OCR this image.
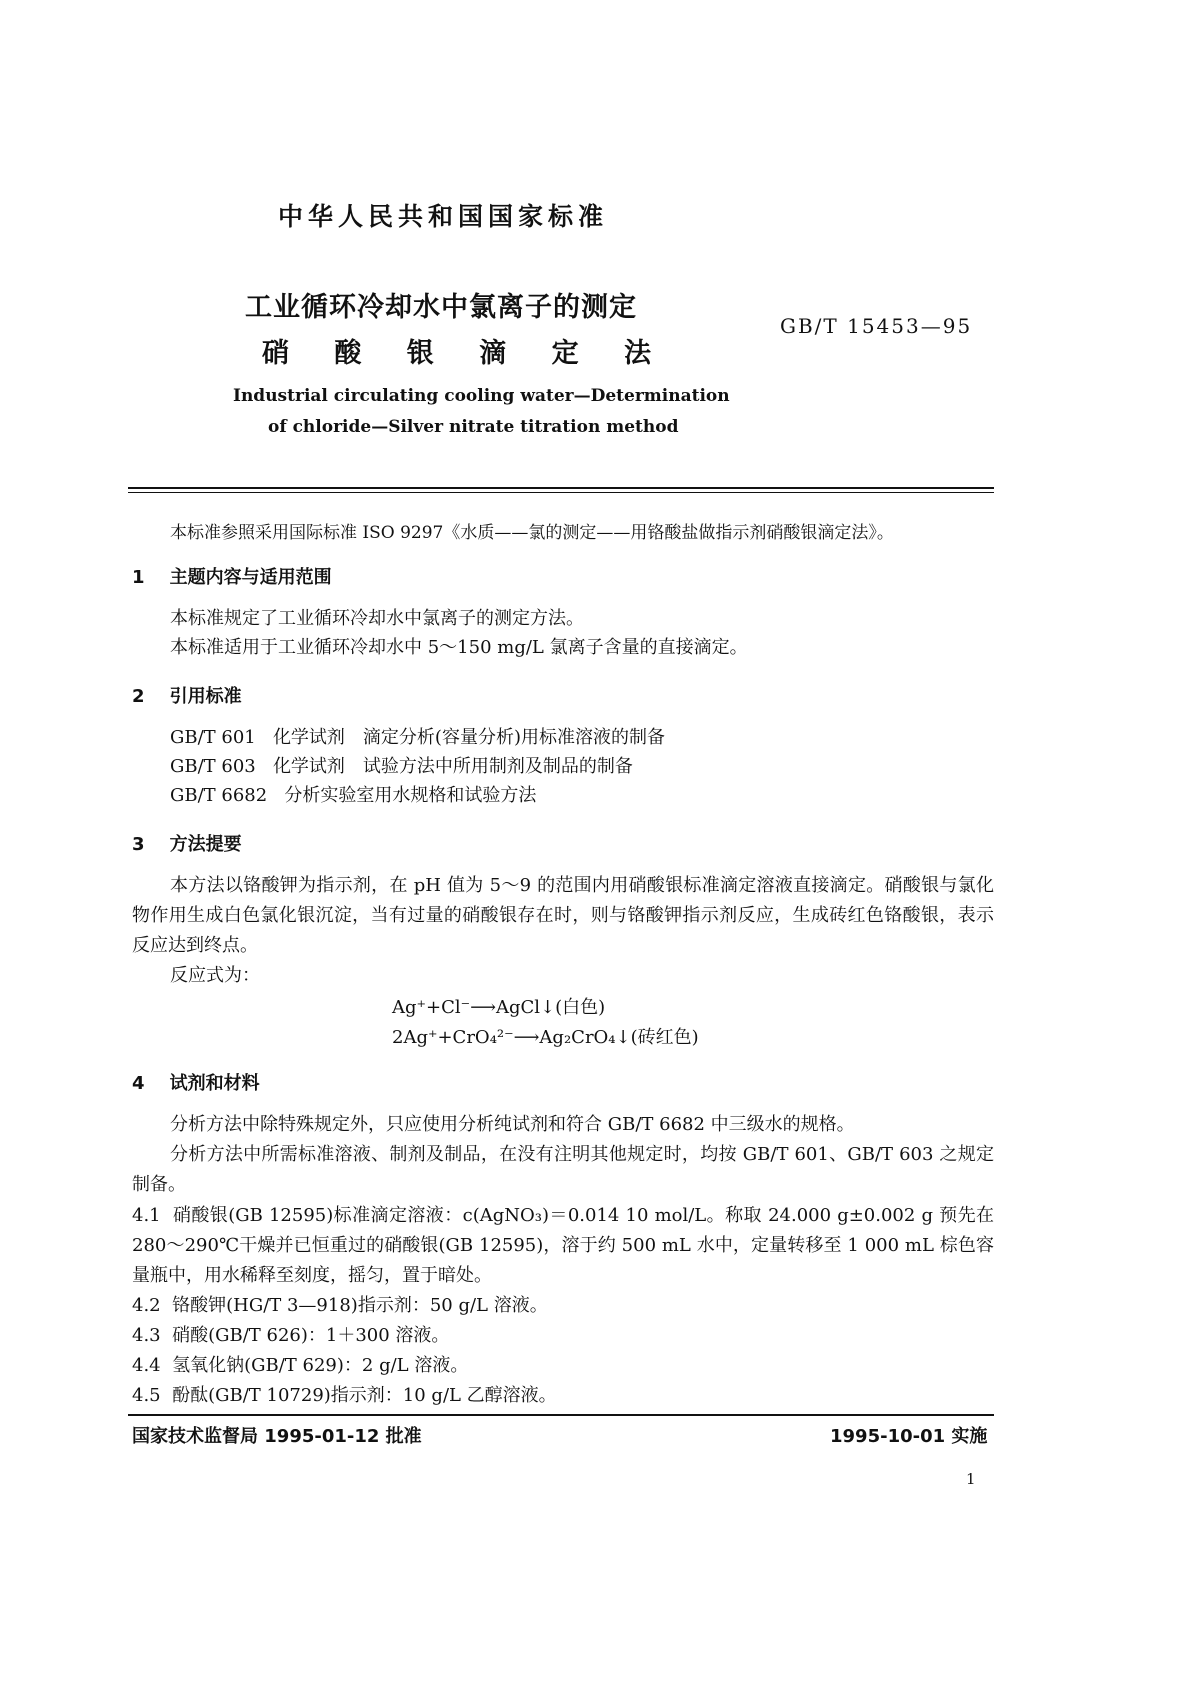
中华人民共和国国家标准
工业循环冷却水中氯离子的测定
硝 酸 银 滴 定 法
GB/T 15453—95
Industrial circulating cooling water—Determination
of chloride—Silver nitrate titration method
本标准参照采用国际标准 ISO 9297《水质——氯的测定——用铬酸盐做指示剂硝酸银滴定法》。
1 主题内容与适用范围
本标准规定了工业循环冷却水中氯离子的测定方法。
本标准适用于工业循环冷却水中 5～150 mg/L 氯离子含量的直接滴定。
2 引用标准
GB/T 601 化学试剂　滴定分析(容量分析)用标准溶液的制备
GB/T 603 化学试剂　试验方法中所用制剂及制品的制备
GB/T 6682 分析实验室用水规格和试验方法
3 方法提要
本方法以铬酸钾为指示剂，在 pH 值为 5～9 的范围内用硝酸银标准滴定溶液直接滴定。硝酸银与氯化物作用生成白色氯化银沉淀，当有过量的硝酸银存在时，则与铬酸钾指示剂反应，生成砖红色铬酸银，表示反应达到终点。
反应式为：
Ag⁺+Cl⁻⟶AgCl↓(白色)
2Ag⁺+CrO₄²⁻⟶Ag₂CrO₄↓(砖红色)
4 试剂和材料
分析方法中除特殊规定外，只应使用分析纯试剂和符合 GB/T 6682 中三级水的规格。
分析方法中所需标准溶液、制剂及制品，在没有注明其他规定时，均按 GB/T 601、GB/T 603 之规定制备。
4.1 硝酸银(GB 12595)标准滴定溶液：c(AgNO₃)＝0.014 10 mol/L。称取 24.000 g±0.002 g 预先在 280～290℃干燥并已恒重过的硝酸银(GB 12595)，溶于约 500 mL 水中，定量转移至 1 000 mL 棕色容量瓶中，用水稀释至刻度，摇匀，置于暗处。
4.2 铬酸钾(HG/T 3—918)指示剂：50 g/L 溶液。
4.3 硝酸(GB/T 626)：1＋300 溶液。
4.4 氢氧化钠(GB/T 629)：2 g/L 溶液。
4.5 酚酞(GB/T 10729)指示剂：10 g/L 乙醇溶液。
国家技术监督局 1995-01-12 批准	1995-10-01 实施
1
